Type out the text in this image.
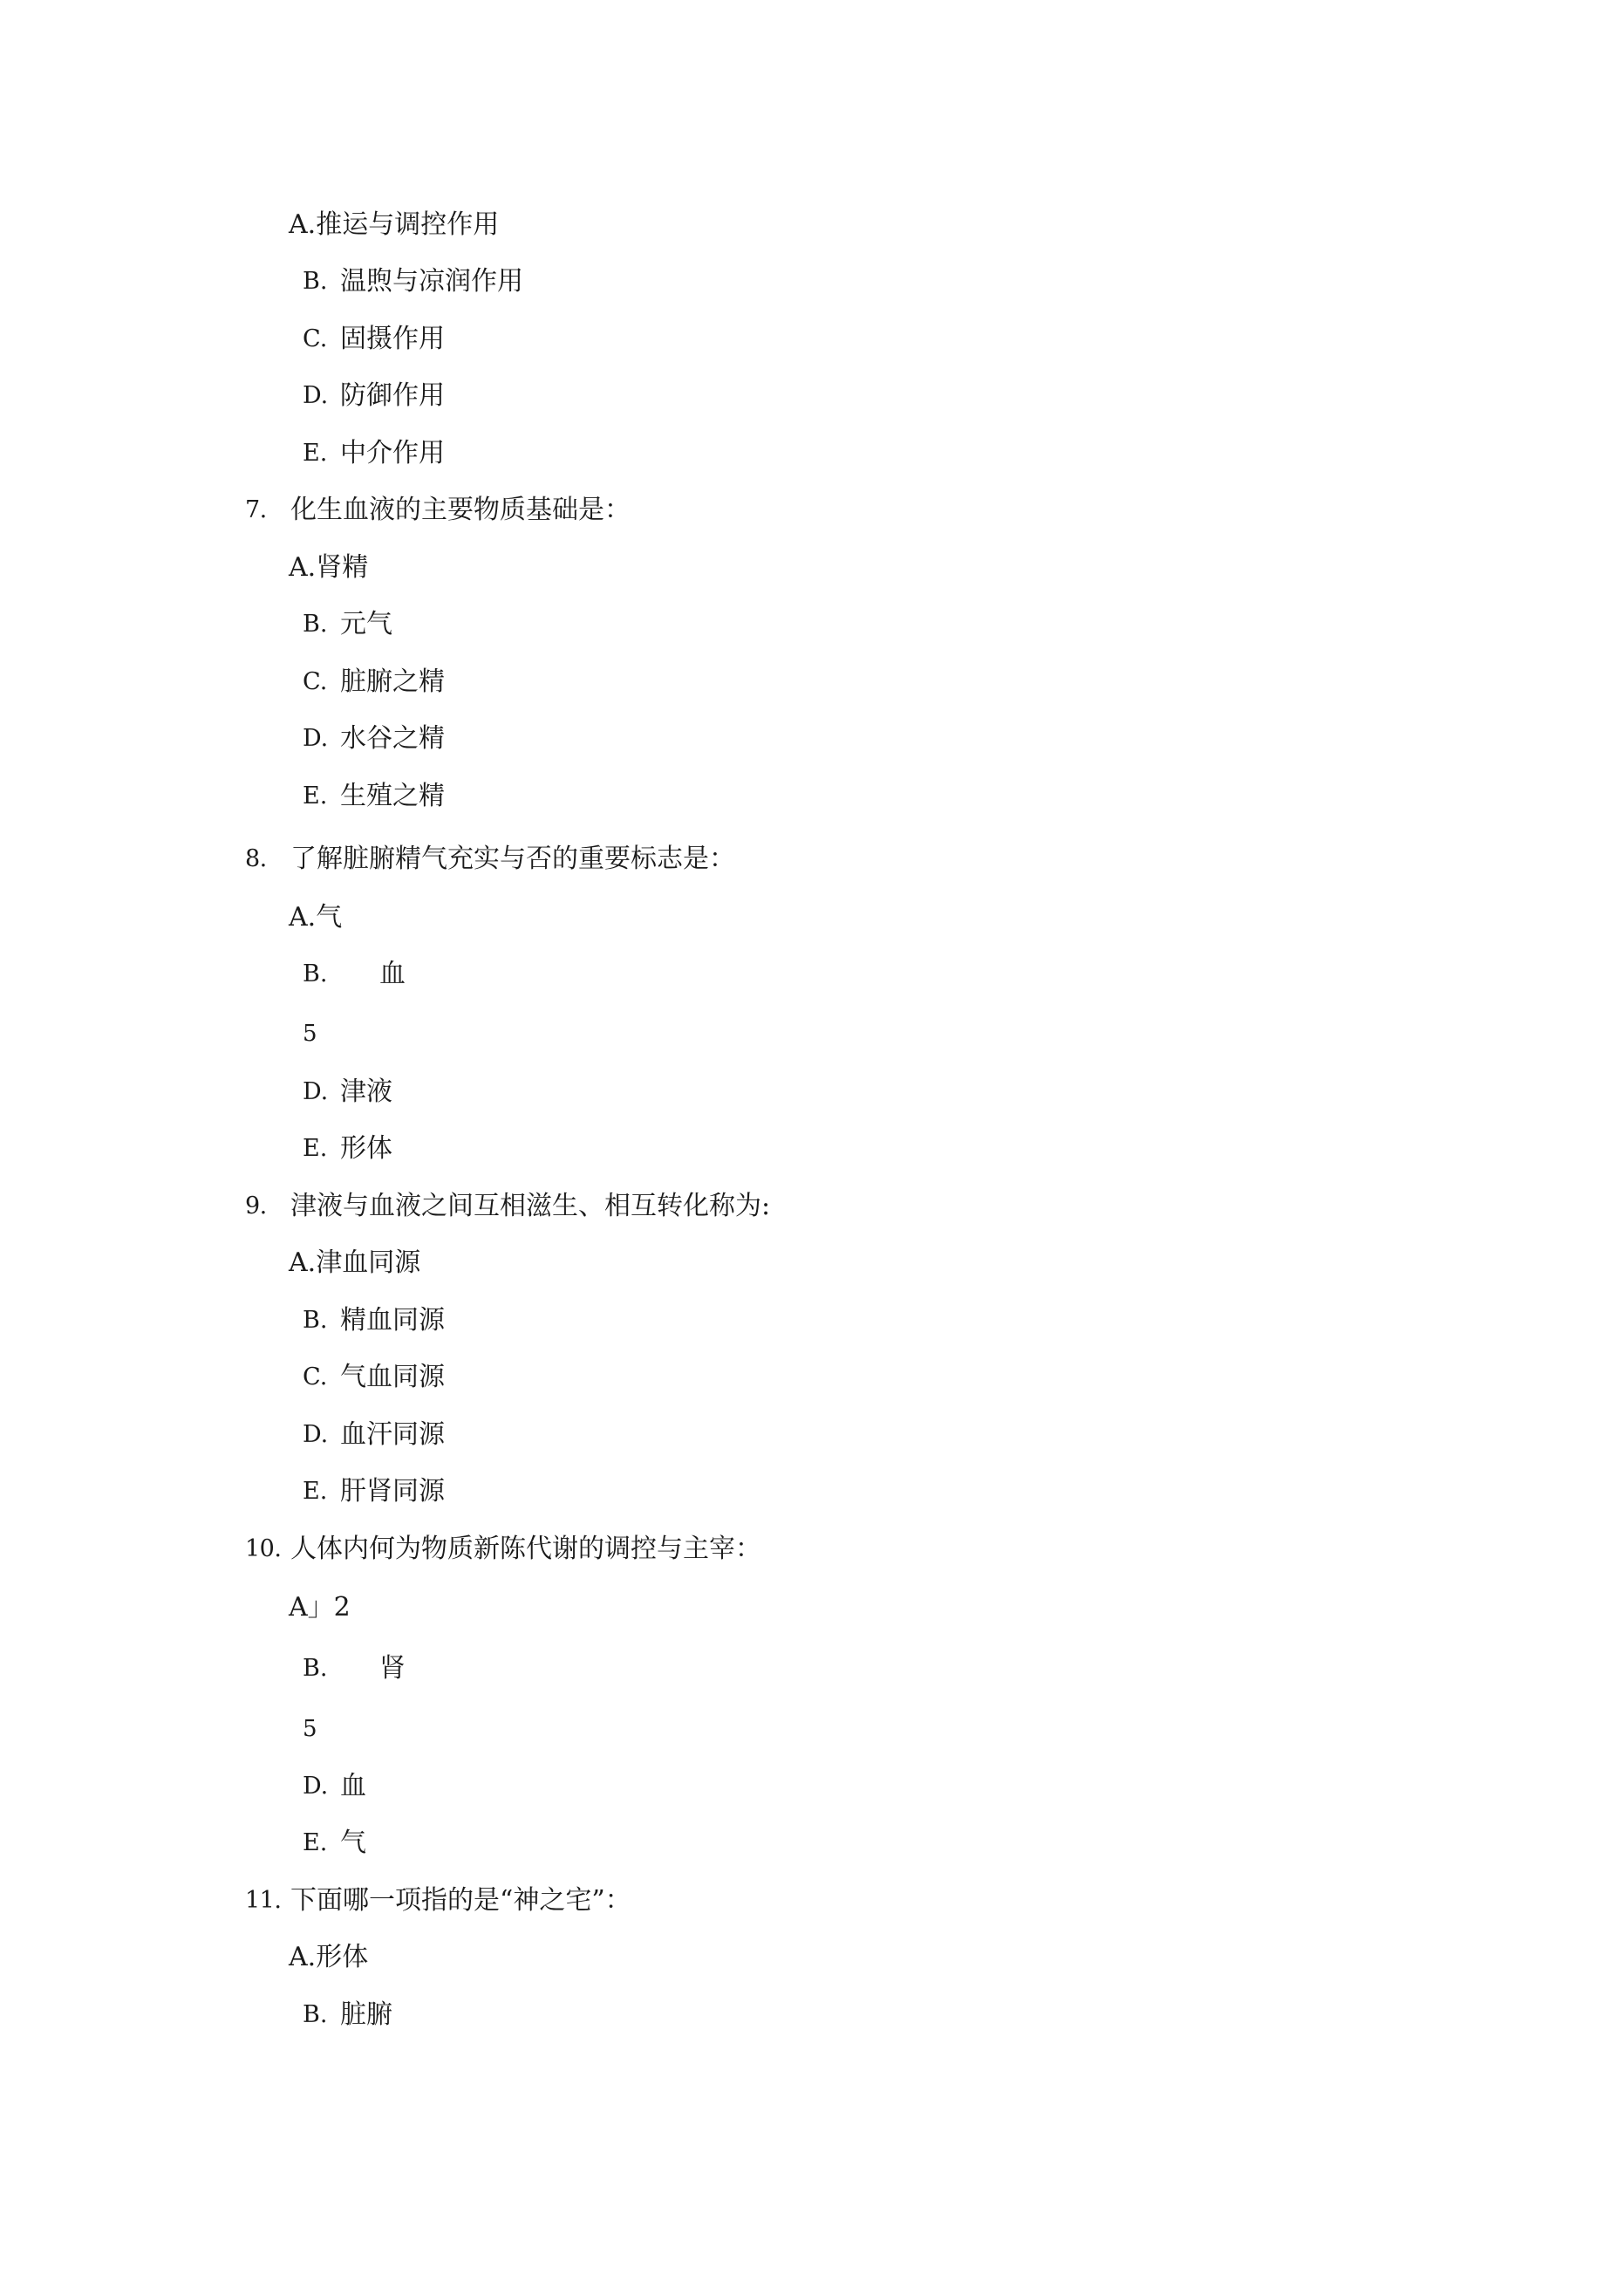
A.推运与调控作用
B. 温煦与凉润作用
C. 固摄作用
D. 防御作用
E. 中介作用
7. 化生血液的主要物质基础是：
A.肾精
B. 元气
C. 脏腑之精
D. 水谷之精
E. 生殖之精
8. 了解脏腑精气充实与否的重要标志是：
A.气
B. 血
5
D. 津液
E. 形体
9. 津液与血液之间互相滋生、相互转化称为:
A.津血同源
B. 精血同源
C. 气血同源
D. 血汗同源
E. 肝肾同源
10. 人体内何为物质新陈代谢的调控与主宰：
A」2
B. 肾
5
D. 血
E. 气
11. 下面哪一项指的是“神之宅”：
A.形体
B. 脏腑
